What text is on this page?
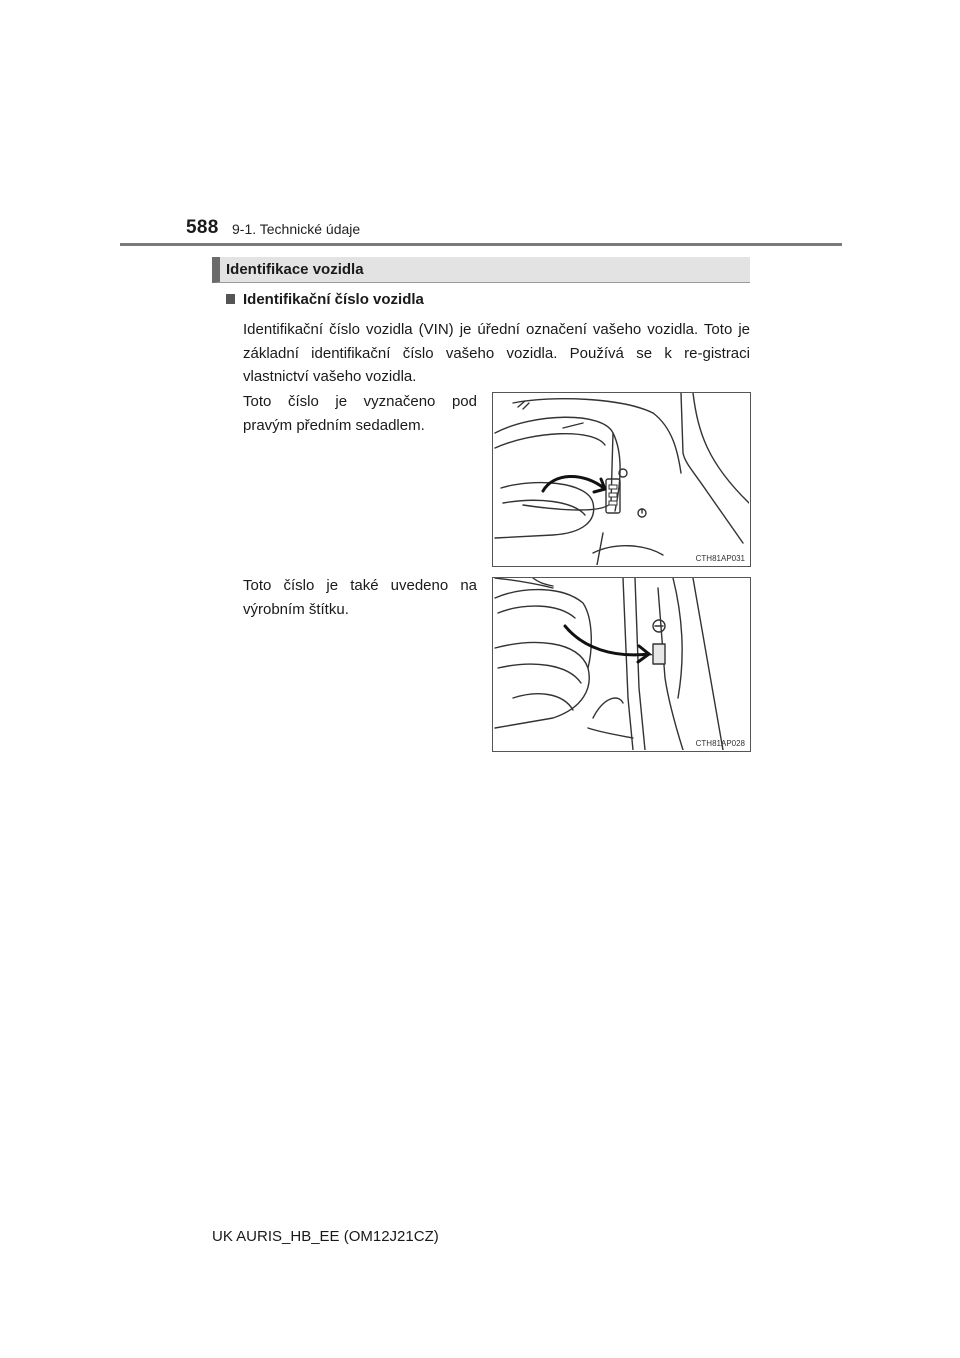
588 9-1. Technické údaje
Identifikace vozidla
Identifikační číslo vozidla
Identifikační číslo vozidla (VIN) je úřední označení vašeho vozidla. Toto je základní identifikační číslo vašeho vozidla. Používá se k re-gistraci vlastnictví vašeho vozidla.
Toto číslo je vyznačeno pod pravým předním sedadlem.
Toto číslo je také uvedeno na výrobním štítku.
CTH81AP031
CTH81AP028
UK AURIS_HB_EE (OM12J21CZ)
